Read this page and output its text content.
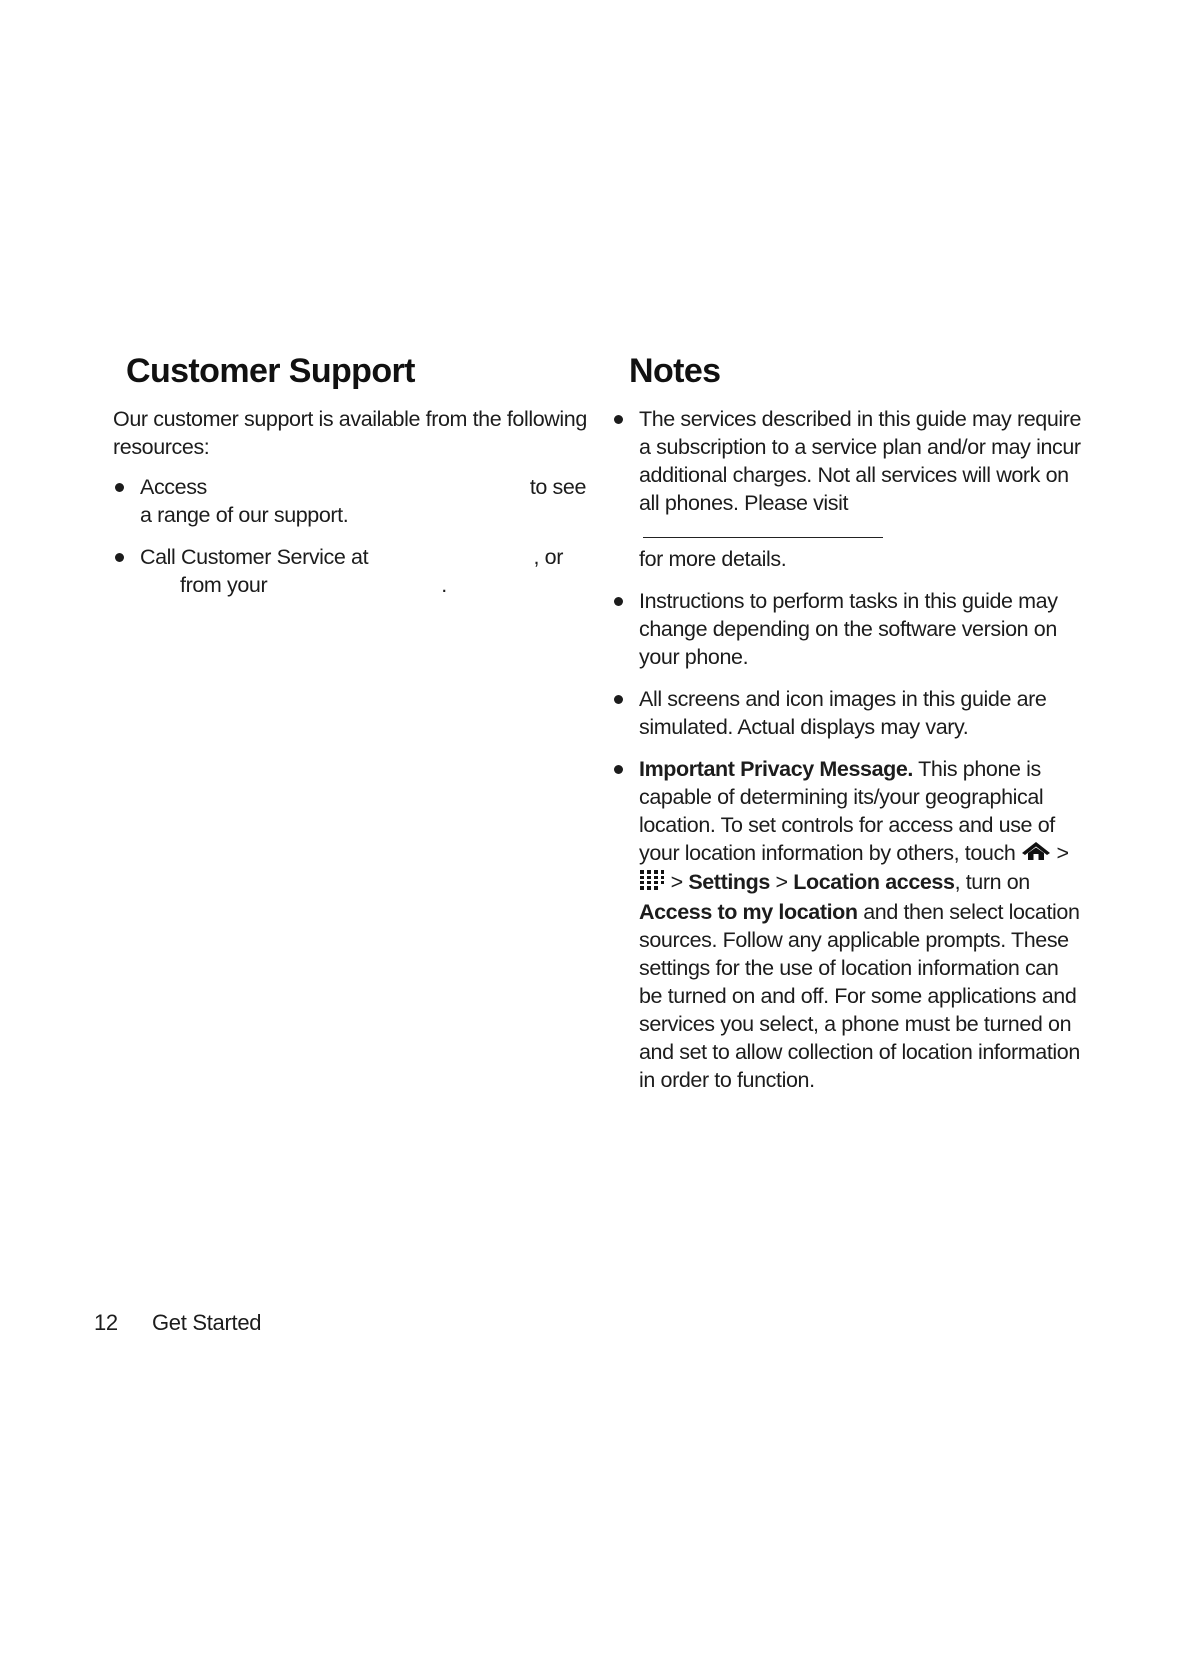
Customer Support

Our customer support is available from the following resources:

Access	to see
a range of our support.
Call Customer Service at	, or
from your	.
Notes
The services described in this guide may require a subscription to a service plan and/or may incur additional charges. Not all services will work on all phones. Please visit
for more details.
Instructions to perform tasks in this guide may change depending on the software version on your phone.
All screens and icon images in this guide are simulated. Actual displays may vary.
Important Privacy Message. This phone is capable of determining its/your geographical location. To set controls for access and use of your location information by others, touch  >  > Settings > Location access, turn on Access to my location and then select location sources. Follow any applicable prompts. These settings for the use of location information can be turned on and off. For some applications and services you select, a phone must be turned on and set to allow collection of location information in order to function.
12 Get Started
